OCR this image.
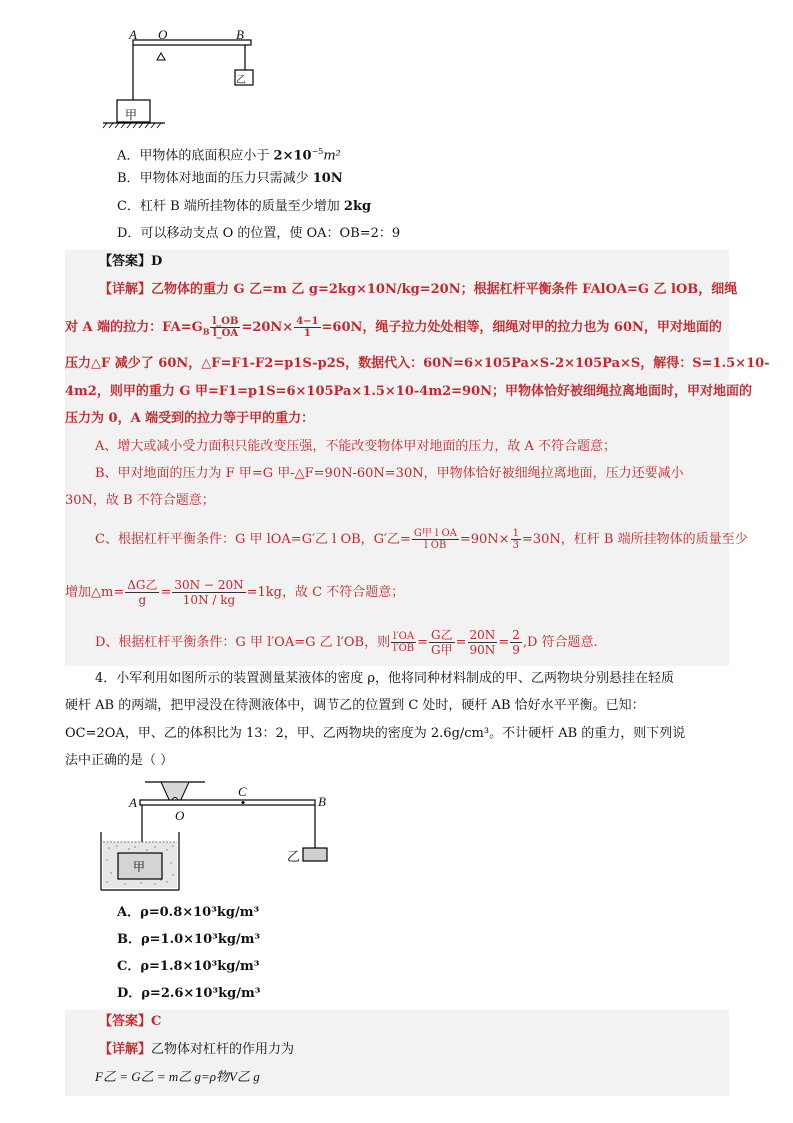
A O	B
甲
乙
A．甲物体的底面积应小于 $2\times 10^{-5}m^2$
B．甲物体对地面的压力只需减少 10N
C．杠杆 B 端所挂物体的质量至少增加 2kg
D．可以移动支点 O 的位置，使 OA：OB=2：9
【答案】D
【详解】乙物体的重力 G 乙=m 乙 g=2kg×10N/kg=20N；根据杠杆平衡条件 FAlOA=G 乙 lOB，细绳
对 A 端的拉力：$FA=G_B \frac{l\_OB}{l\_OA} =20N\times \frac{4-1}{1} =60N$，绳子拉力处处相等，细绳对甲的拉力也为 60N，甲对地面的
压力△F 减少了 60N，△F=F1-F2=p1S-p2S，数据代入：60N=6×105Pa×S-2×105Pa×S，解得：S=1.5×10-
4m2，则甲的重力 G 甲=F1=p1S=6×105Pa×1.5×10-4m2=90N；甲物体恰好被细绳拉离地面时，甲对地面的
压力为 0，A 端受到的拉力等于甲的重力：
A、增大或减小受力面积只能改变压强，不能改变物体甲对地面的压力，故 A 不符合题意；
B、甲对地面的压力为 F 甲=G 甲-△F=90N-60N=30N，甲物体恰好被细绳拉离地面，压力还要减小
30N，故 B 不符合题意；
C、根据杠杆平衡条件：G 甲 lOA=G′乙 l OB，G′乙= $\frac{\text{G甲 l OA}}{\text{l OB}} =90N\times \frac{1}{3} =30N$，杠杆 B 端所挂物体的质量至少
增加△m= $\frac{\text{ΔG乙}}{g} = \frac{30N - 20N}{10N / kg} =1kg$，故 C 不符合题意；
D、根据杠杆平衡条件：G 甲 l′OA=G 乙 l′OB，则 $\frac{l'OA}{l'OB} = \frac{\text{G乙}}{\text{G甲}} = \frac{20N}{90N} = \frac{2}{9} ,D$ 符合题意.
4．小军利用如图所示的装置测量某液体的密度 ρ，他将同种材料制成的甲、乙两物块分别悬挂在轻质
硬杆 AB 的两端，把甲浸没在待测液体中，调节乙的位置到 C 处时，硬杆 AB 恰好水平平衡。已知：
OC=2OA，甲、乙的体积比为 13：2，甲、乙两物块的密度为 2.6g/cm³。不计硬杆 AB 的重力，则下列说
法中正确的是（ ）
A
O
C
B
甲
乙
A．ρ=0.8×10³kg/m³
B．ρ=1.0×10³kg/m³
C．ρ=1.8×10³kg/m³
D．ρ=2.6×10³kg/m³
【答案】C
【详解】乙物体对杠杆的作用力为
F乙 = G乙 = m乙 g=ρ物V乙 g
